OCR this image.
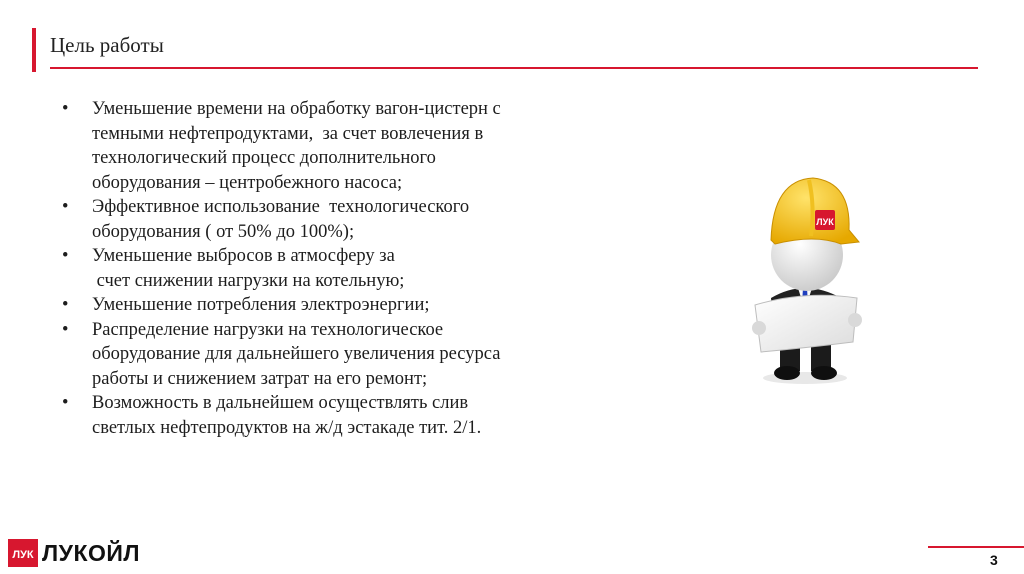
Цель работы
•	Уменьшение времени на обработку вагон-цистерн с
темными нефтепродуктами,  за счет вовлечения в
технологический процесс дополнительного
оборудования – центробежного насоса;
•	Эффективное использование  технологического
оборудования ( от 50% до 100%);
•	Уменьшение выбросов в атмосферу за
счет снижении нагрузки на котельную;
•	Уменьшение потребления электроэнергии;
•	Распределение нагрузки на технологическое
оборудование для дальнейшего увеличения ресурса
работы и снижением затрат на его ремонт;
•	Возможность в дальнейшем осуществлять слив
светлых нефтепродуктов на ж/д эстакаде тит. 2/1.
ЛУК
ЛУК ЛУКОЙЛ	3
